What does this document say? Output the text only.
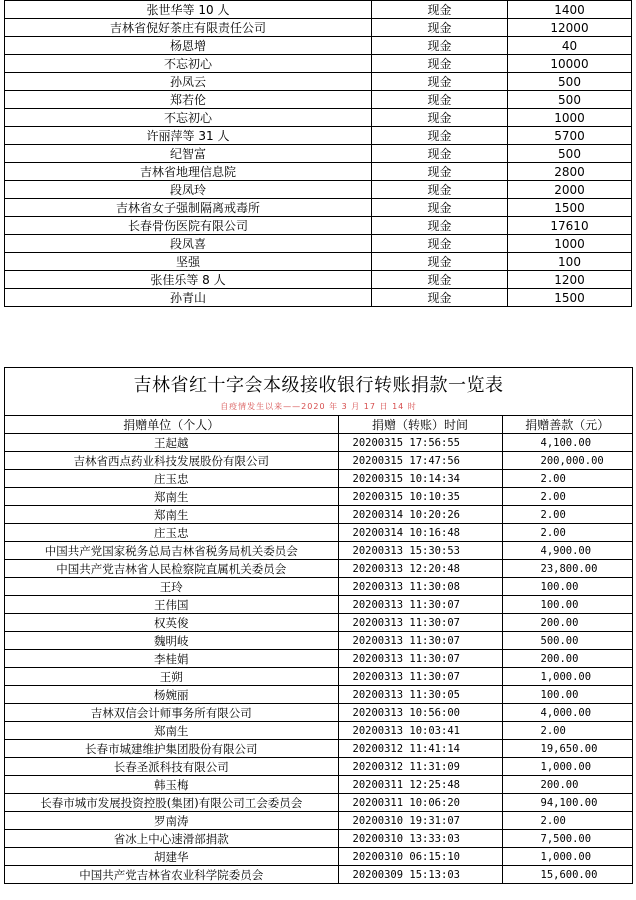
张世华等 10 人	现金	1400
吉林省倪好茶庄有限责任公司	现金	12000
杨恩增	现金	40
不忘初心	现金	10000
孙凤云	现金	500
郑若伦	现金	500
不忘初心	现金	1000
许丽萍等 31 人	现金	5700
纪智富	现金	500
吉林省地理信息院	现金	2800
段凤玲	现金	2000
吉林省女子强制隔离戒毒所	现金	1500
长春骨伤医院有限公司	现金	17610
段凤喜	现金	1000
坚强	现金	100
张佳乐等 8 人	现金	1200
孙青山	现金	1500
吉林省红十字会本级接收银行转账捐款一览表
自疫情发生以来——2020 年 3 月 17 日 14 时
捐赠单位（个人）	捐赠（转账）时间	捐赠善款（元）
王起越	20200315 17:56:55	4,100.00
吉林省西点药业科技发展股份有限公司	20200315 17:47:56	200,000.00
庄玉忠	20200315 10:14:34	2.00
郑南生	20200315 10:10:35	2.00
郑南生	20200314 10:20:26	2.00
庄玉忠	20200314 10:16:48	2.00
中国共产党国家税务总局吉林省税务局机关委员会	20200313 15:30:53	4,900.00
中国共产党吉林省人民检察院直属机关委员会	20200313 12:20:48	23,800.00
王玲	20200313 11:30:08	100.00
王伟国	20200313 11:30:07	100.00
权英俊	20200313 11:30:07	200.00
魏明岐	20200313 11:30:07	500.00
李桂娟	20200313 11:30:07	200.00
王朔	20200313 11:30:07	1,000.00
杨婉丽	20200313 11:30:05	100.00
吉林双信会计师事务所有限公司	20200313 10:56:00	4,000.00
郑南生	20200313 10:03:41	2.00
长春市城建维护集团股份有限公司	20200312 11:41:14	19,650.00
长春圣派科技有限公司	20200312 11:31:09	1,000.00
韩玉梅	20200311 12:25:48	200.00
长春市城市发展投资控股(集团)有限公司工会委员会	20200311 10:06:20	94,100.00
罗南涛	20200310 19:31:07	2.00
省冰上中心速滑部捐款	20200310 13:33:03	7,500.00
胡建华	20200310 06:15:10	1,000.00
中国共产党吉林省农业科学院委员会	20200309 15:13:03	15,600.00
